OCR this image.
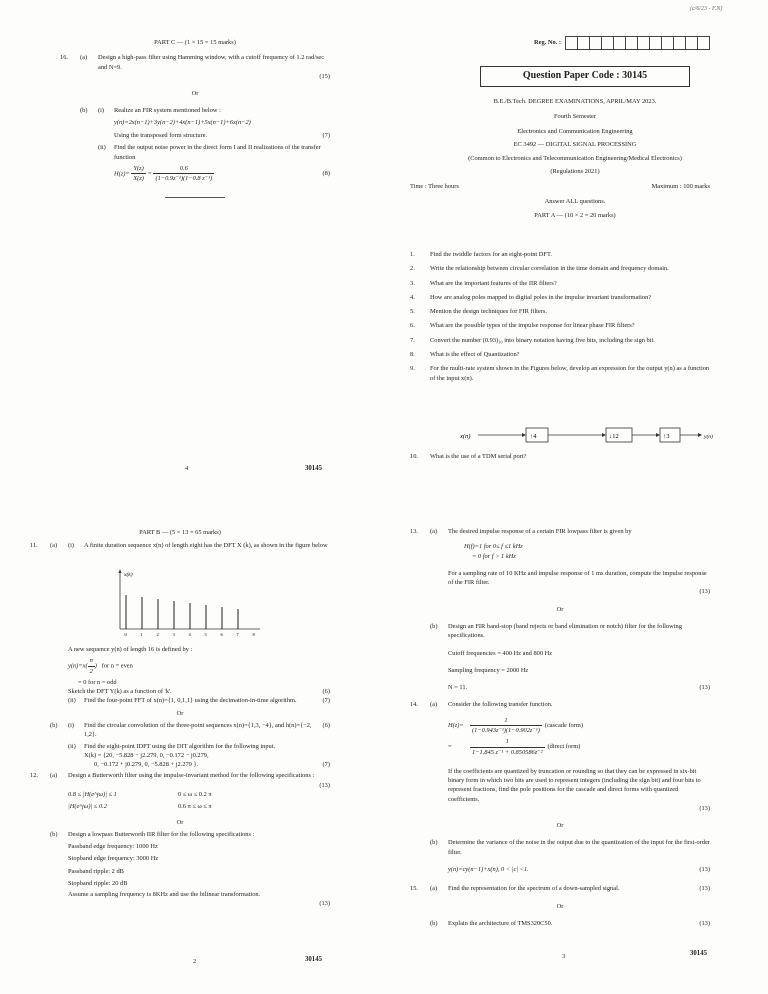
(c/6/23 - F.N)
PART C — (1 × 15 = 15 marks)
16.	(a)	Design a high-pass filter using Hamming window, with a cutoff frequency of 1.2 rad/sec and N=9.
(15)
Or
(b)	(i)	Realize an FIR system mentioned below :
y(n)=2x(n−1)+3y(n−2)+4x(n−1)+5x(n−1)+6x(n−2)
Using the transposed form structure.	(7)
(ii)	Find the output noise power in the direct form I and II realizations of the transfer function
$H(z)= \frac{Y(z)}{X(z)} = \frac{0.6}{\text{(1−0.9z⁻¹)(1−0.8 z⁻¹)}}$	(8)
4	30145
Reg. No. :
Question Paper Code : 30145
B.E./B.Tech. DEGREE EXAMINATIONS, APRIL/MAY 2023.
Fourth Semester
Electronics and Communication Engineering
EC 3492 — DIGITAL SIGNAL PROCESSING
(Common to Electronics and Telecommunication Engineering/Medical Electronics)
(Regulations 2021)
Time : Three hours	Maximum : 100 marks
Answer ALL questions.
PART A — (10 × 2 = 20 marks)
1.	Find the twiddle factors for an eight-point DFT.
2.	Write the relationship between circular correlation in the time domain and frequency domain.
3.	What are the important features of the IIR filters?
4.	How are analog poles mapped to digital poles in the impulse invariant transformation?
5.	Mention the design techniques for FIR filters.
6.	What are the possible types of the impulse response for linear phase FIR filters?
7.	Convert the number (0.93)₁₀ into binary notation having five bits, including the sign bit.
8.	What is the effect of Quantization?
9.	For the multi-rate system shown in the Figures below, develop an expression for the output y(n) as a function of the input x(n).
x(n)	↑4	↓12	↑3	y(n)
10.	What is the use of a TDM serial port?
PART B — (5 × 13 = 65 marks)
11.	(a)	(i)	A finite duration sequence x(n) of length eight has the DFT X (k), as shown in the figure below
x(k)
0	1	2	3	4	5	6	7	8
A new sequence y(n) of length 16 is defined by :
$y(n)=x( \frac{n}{2}$ )   for n = even
= 0 for n = odd
Sketch the DFT Y(k) as a function of 'k'.	(6)
(ii)	Find the four-point FFT of x(n)={1, 0,1,1} using the decimation-in-time algorithm.	(7)
Or
(b)	(i)	Find the circular convolution of the three-point sequences x(n)={1,3, −4}, and h(n)={−2, 1,2}.
(6)
(ii)	Find the eight-point IDFT using the DIT algorithm for the following input.
X(k) = {20, −5.828 − j2.279, 0, −0.172 − j0.279,
0, −0.172 + j0.279, 0, −5.828 + j2.279 }.	(7)
12.	(a)	Design a Butterworth filter using the impulse-invariant method for the following specifications :
(13)
0.8 ≤ |H(e^jω)| ≤ 1	0 ≤ ω ≤ 0.2 π
|H(e^jω)| ≤ 0.2	0.6 π ≤ ω ≤ π
Or
(b)	Design a lowpass Butterworth IIR filter for the following specifications :
Passband edge frequency: 1000 Hz
Stopband edge frequency: 3000 Hz
Passband ripple: 2 dB
Stopband ripple: 20 dB
Assume a sampling frequency is 8KHz and use the bilinear transformation.
(13)
2	30145
13.	(a)	The desired impulse response of a certain FIR lowpass filter is given by
H(f)=1 for 0≤ f ≤1 kHz
= 0 for f > 1 kHz
For a sampling rate of 10 KHz and impulse response of 1 ms duration, compute the impulse response of the FIR filter.
(13)
Or
(b)	Design an FIR band-stop (band rejects or band elimination or notch) filter for the following specifications.
Cutoff frequencies = 400 Hz and 800 Hz
Sampling frequency = 2000 Hz
N = 11.	(13)
14.	(a)	Consider the following transfer function.
$H(z)= \frac{1}{\text{(1−0.943z⁻¹)(1−0.902z⁻¹)}}$ (cascade form)
=	$\frac{1}{\text{1−1.845 z⁻¹ + 0.850586z⁻²}}$ (direct form)
If the coefficients are quantized by truncation or rounding so that they can be expressed in six-bit binary form in which two bits are used to represent integers (including the sign bit) and four bits to represent fractions, find the pole positions for the cascade and direct forms with quantized coefficients.
(13)
Or
(b)	Determine the variance of the noise in the output due to the quantization of the input for the first-order filter.
y(n)=cy(n−1)+x(n), 0 < |c| <1.	(13)
15.	(a)	Find the representation for the spectrum of a down-sampled signal.	(13)
Or
(b)	Explain the architecture of TMS320C50.	(13)
3	30145
